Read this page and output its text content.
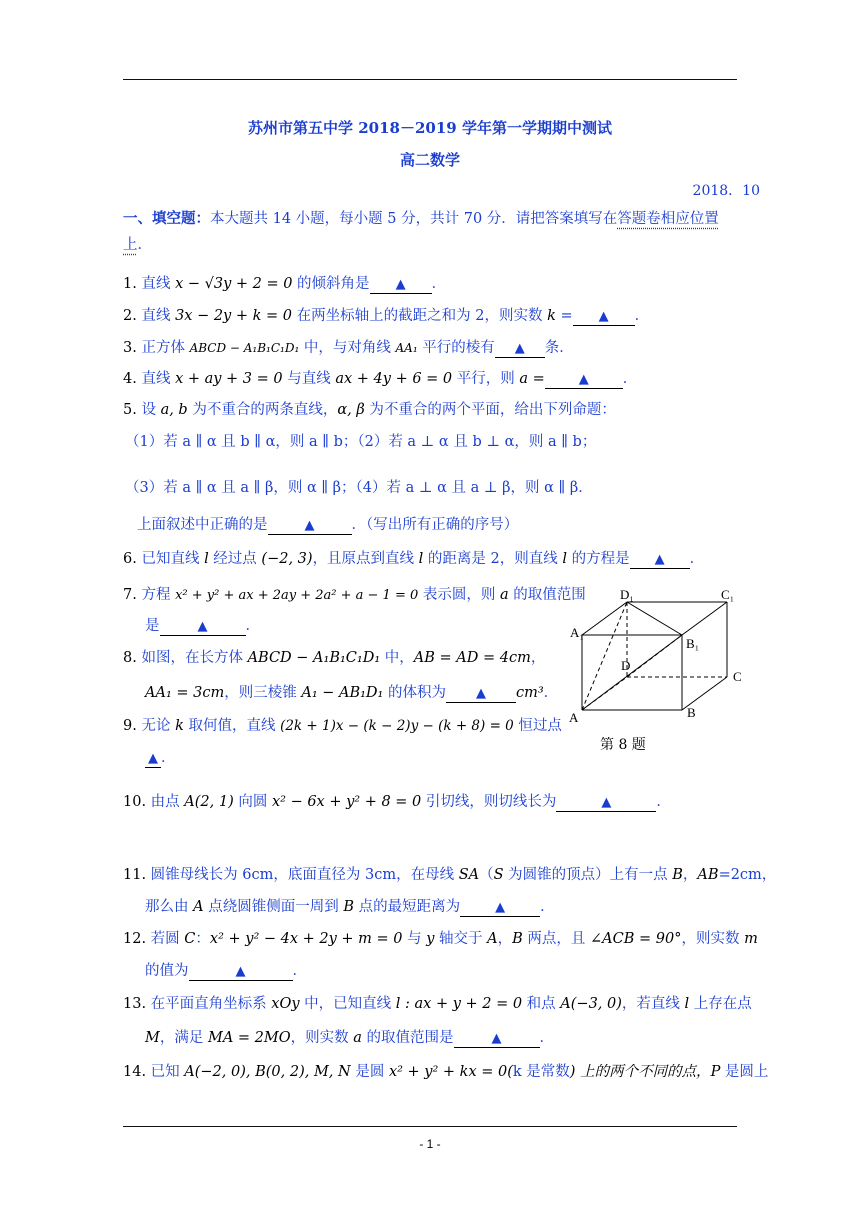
苏州市第五中学 2018－2019 学年第一学期期中测试
高二数学
2018．10
一、填空题：本大题共 14 小题，每小题 5 分，共计 70 分．请把答案填写在答题卷相应位置上．
1. 直线 x − √3y + 2 = 0 的倾斜角是 ▲ ．
2. 直线 3x − 2y + k = 0 在两坐标轴上的截距之和为 2，则实数 k = ▲ ．
3. 正方体 ABCD − A₁B₁C₁D₁ 中，与对角线 AA₁ 平行的棱有 ▲ 条．
4. 直线 x + ay + 3 = 0 与直线 ax + 4y + 6 = 0 平行，则 a =	▲ ．
5. 设 a, b 为不重合的两条直线，α, β 为不重合的两个平面，给出下列命题：
（1）若 a ∥ α 且 b ∥ α，则 a ∥ b；（2）若 a ⊥ α 且 b ⊥ α，则 a ∥ b；
（3）若 a ∥ α 且 a ∥ β，则 α ∥ β；（4）若 a ⊥ α 且 a ⊥ β，则 α ∥ β．
上面叙述中正确的是	▲	．（写出所有正确的序号）
6. 已知直线 l 经过点 (−2, 3)，且原点到直线 l 的距离是 2，则直线 l 的方程是 ▲ ．
7. 方程 x² + y² + ax + 2ay + 2a² + a − 1 = 0 表示圆，则 a 的取值范围
是	▲	．
8. 如图，在长方体 ABCD − A₁B₁C₁D₁ 中，AB = AD = 4cm，
AA₁ = 3cm，则三棱锥 A₁ − AB₁D₁ 的体积为 ▲ cm³．
9. 无论 k 取何值，直线 (2k + 1)x − (k − 2)y − (k + 8) = 0 恒过点
▲ ．
D₁	C₁
A₁
B₁
D
C
A	B
第 8 题
10. 由点 A(2, 1) 向圆 x² − 6x + y² + 8 = 0 引切线，则切线长为	▲	．
11. 圆锥母线长为 6cm，底面直径为 3cm，在母线 SA（S 为圆锥的顶点）上有一点 B，AB=2cm，
那么由 A 点绕圆锥侧面一周到 B 点的最短距离为	▲ ．
12. 若圆 C：x² + y² − 4x + 2y + m = 0 与 y 轴交于 A，B 两点，且 ∠ACB = 90°，则实数 m
的值为	▲	．
13. 在平面直角坐标系 xOy 中，已知直线 l : ax + y + 2 = 0 和点 A(−3, 0)，若直线 l 上存在点
M，满足 MA = 2MO，则实数 a 的取值范围是	▲	．
14. 已知 A(−2, 0), B(0, 2), M, N 是圆 x² + y² + kx = 0(k 是常数) 上的两个不同的点，P 是圆上
- 1 -
